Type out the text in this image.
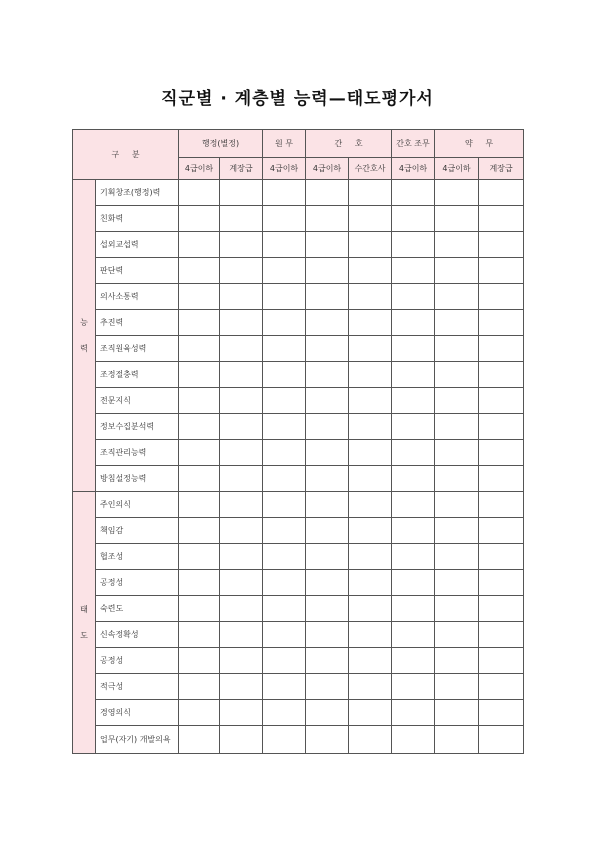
직군별 · 계층별 능력—태도평가서
구     분		행정(별정)		원 무	간     호		간호 조무	약     무	
		4급이하	계장급	4급이하	4급이하	수간호사	4급이하	4급이하	계장급

능
력	기획창조(행정)력								
	친화력								
	섭외교섭력								
	판단력								
	의사소통력								
	추진력								
	조직원육성력								
	조정절충력								
	전문지식								
	정보수집분석력								
	조직관리능력								
	방침설정능력								

태
도	주인의식								
	책임감								
	협조성								
	공정성								
	숙련도								
	신속정확성								
	공정성								
	적극성								
	경영의식								
	업무(자기) 개발의욕								
